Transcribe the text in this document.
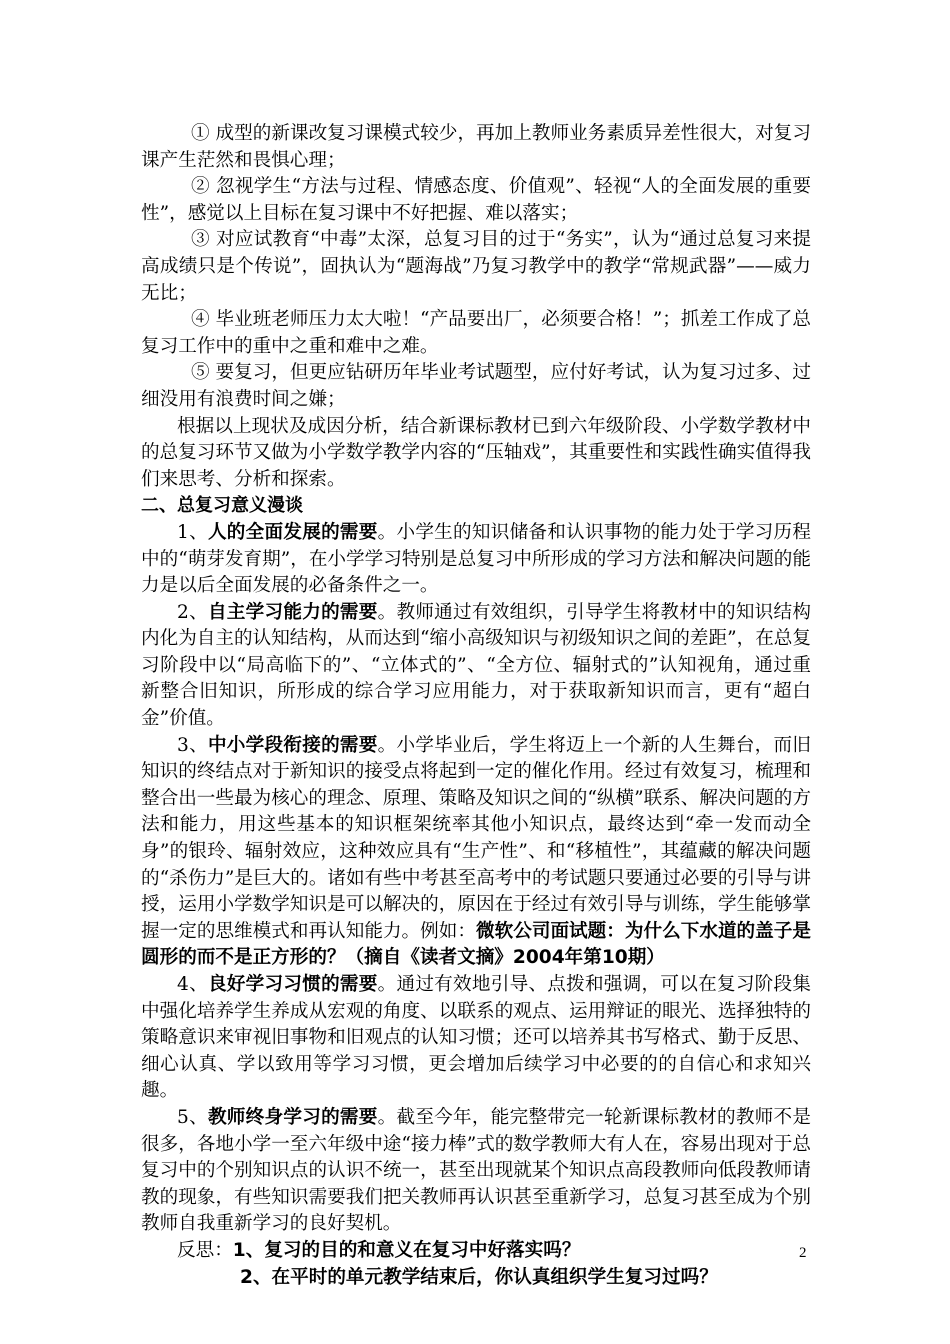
① 成型的新课改复习课模式较少，再加上教师业务素质异差性很大，对复习课产生茫然和畏惧心理；

② 忽视学生“方法与过程、情感态度、价值观”、轻视“人的全面发展的重要性”，感觉以上目标在复习课中不好把握、难以落实；

③ 对应试教育“中毒”太深，总复习目的过于“务实”，认为“通过总复习来提高成绩只是个传说”，固执认为“题海战”乃复习教学中的教学“常规武器”——威力无比；

④ 毕业班老师压力太大啦！“产品要出厂，必须要合格！”；抓差工作成了总复习工作中的重中之重和难中之难。

⑤ 要复习，但更应钻研历年毕业考试题型，应付好考试，认为复习过多、过细没用有浪费时间之嫌；

根据以上现状及成因分析，结合新课标教材已到六年级阶段、小学数学教材中的总复习环节又做为小学数学教学内容的“压轴戏”，其重要性和实践性确实值得我们来思考、分析和探索。

二、总复习意义漫谈

1、人的全面发展的需要。小学生的知识储备和认识事物的能力处于学习历程中的“萌芽发育期”，在小学学习特别是总复习中所形成的学习方法和解决问题的能力是以后全面发展的必备条件之一。

2、自主学习能力的需要。教师通过有效组织，引导学生将教材中的知识结构内化为自主的认知结构，从而达到“缩小高级知识与初级知识之间的差距”，在总复习阶段中以“局高临下的”、“立体式的”、“全方位、辐射式的”认知视角，通过重新整合旧知识，所形成的综合学习应用能力，对于获取新知识而言，更有“超白金”价值。

3、中小学段衔接的需要。小学毕业后，学生将迈上一个新的人生舞台，而旧知识的终结点对于新知识的接受点将起到一定的催化作用。经过有效复习，梳理和整合出一些最为核心的理念、原理、策略及知识之间的“纵横”联系、解决问题的方法和能力，用这些基本的知识框架统率其他小知识点，最终达到“牵一发而动全身”的银玲、辐射效应，这种效应具有“生产性”、和“移植性”，其蕴藏的解决问题的“杀伤力”是巨大的。诸如有些中考甚至高考中的考试题只要通过必要的引导与讲授，运用小学数学知识是可以解决的，原因在于经过有效引导与训练，学生能够掌握一定的思维模式和再认知能力。例如：微软公司面试题：为什么下水道的盖子是圆形的而不是正方形的？（摘自《读者文摘》2004年第10期）

4、良好学习习惯的需要。通过有效地引导、点拨和强调，可以在复习阶段集中强化培养学生养成从宏观的角度、以联系的观点、运用辩证的眼光、选择独特的策略意识来审视旧事物和旧观点的认知习惯；还可以培养其书写格式、勤于反思、细心认真、学以致用等学习习惯，更会增加后续学习中必要的的自信心和求知兴趣。

5、教师终身学习的需要。截至今年，能完整带完一轮新课标教材的教师不是很多，各地小学一至六年级中途“接力棒”式的数学教师大有人在，容易出现对于总复习中的个别知识点的认识不统一，甚至出现就某个知识点高段教师向低段教师请教的现象，有些知识需要我们把关教师再认识甚至重新学习，总复习甚至成为个别教师自我重新学习的良好契机。

反思：1、复习的目的和意义在复习中好落实吗？

2、在平时的单元教学结束后，你认真组织学生复习过吗？

2
